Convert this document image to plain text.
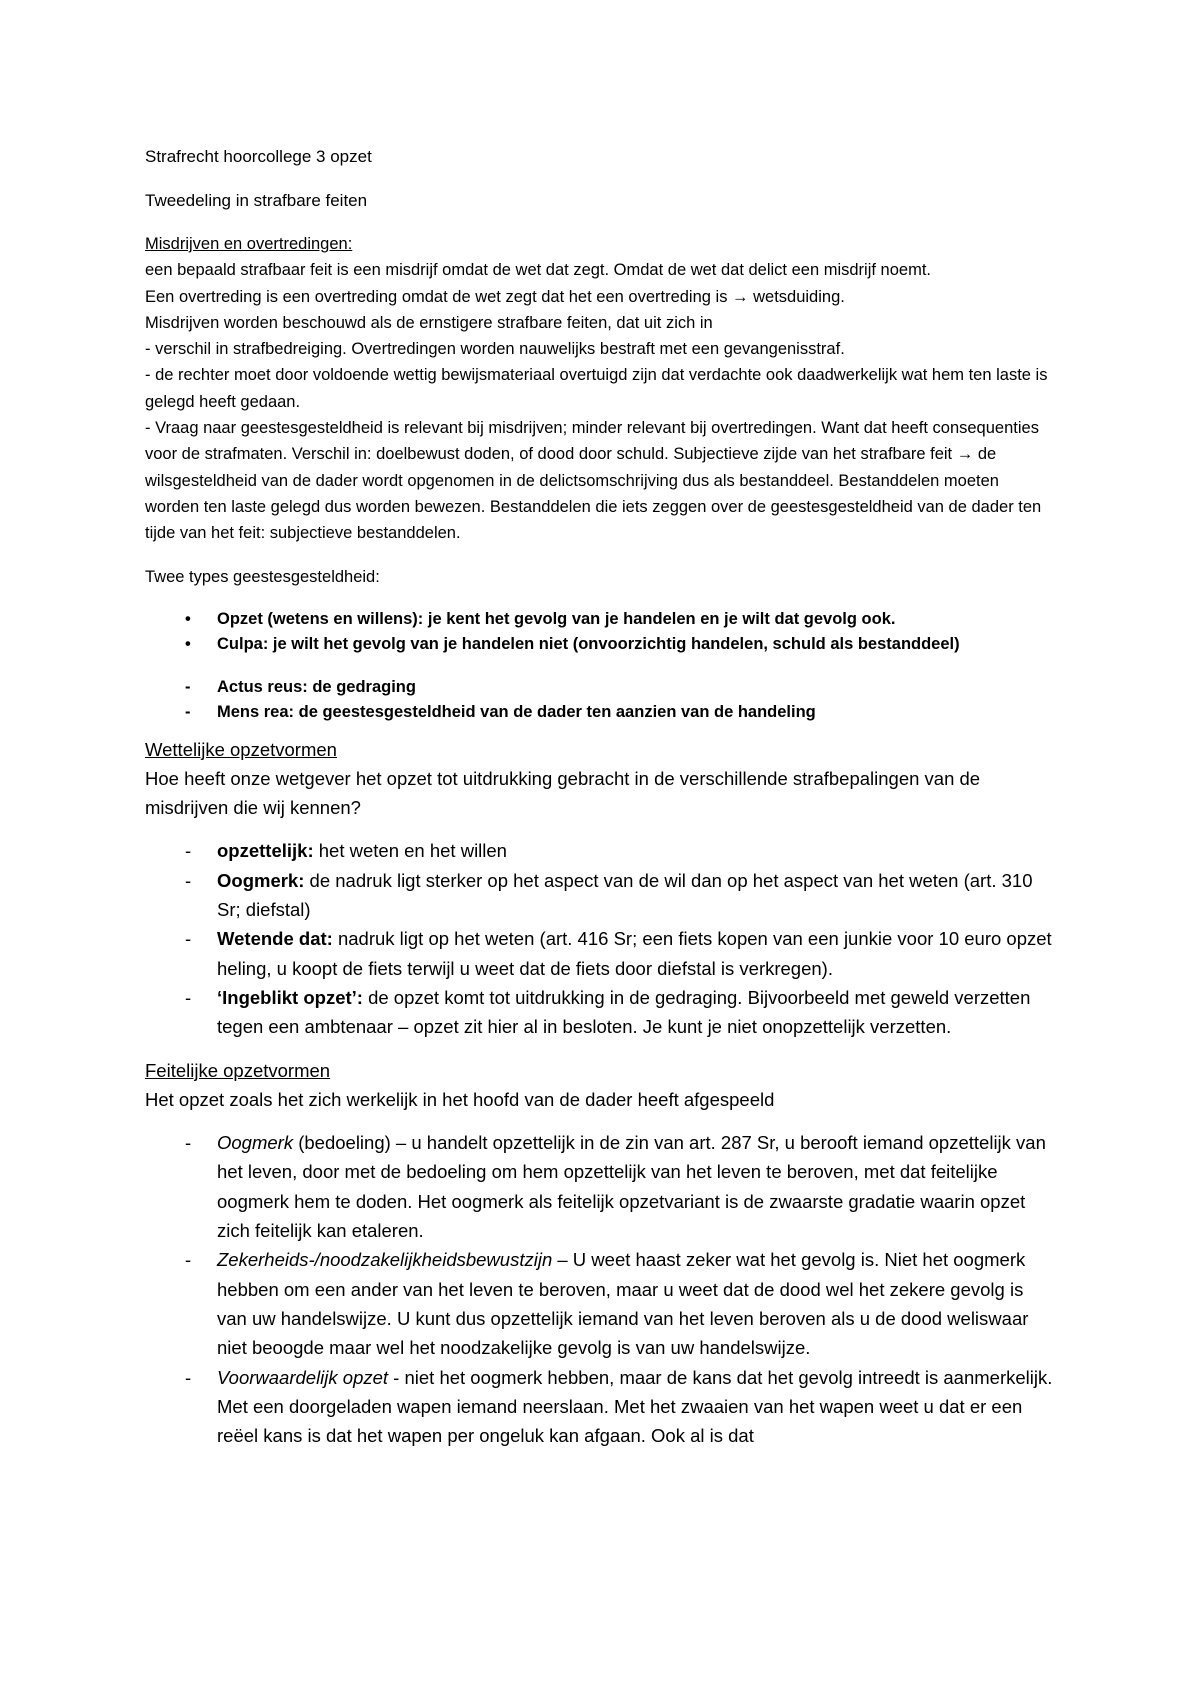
Strafrecht hoorcollege 3 opzet

Tweedeling in strafbare feiten

Misdrijven en overtredingen:

een bepaald strafbaar feit is een misdrijf omdat de wet dat zegt. Omdat de wet dat delict een misdrijf noemt.

Een overtreding is een overtreding omdat de wet zegt dat het een overtreding is → wetsduiding.

Misdrijven worden beschouwd als de ernstigere strafbare feiten, dat uit zich in

- verschil in strafbedreiging. Overtredingen worden nauwelijks bestraft met een gevangenisstraf.

- de rechter moet door voldoende wettig bewijsmateriaal overtuigd zijn dat verdachte ook daadwerkelijk wat hem ten laste is gelegd heeft gedaan.

- Vraag naar geestesgesteldheid is relevant bij misdrijven; minder relevant bij overtredingen. Want dat heeft consequenties voor de strafmaten. Verschil in: doelbewust doden, of dood door schuld. Subjectieve zijde van het strafbare feit → de wilsgesteldheid van de dader wordt opgenomen in de delictsomschrijving dus als bestanddeel. Bestanddelen moeten worden ten laste gelegd dus worden bewezen. Bestanddelen die iets zeggen over de geestesgesteldheid van de dader ten tijde van het feit: subjectieve bestanddelen.

Twee types geestesgesteldheid:

•	Opzet (wetens en willens): je kent het gevolg van je handelen en je wilt dat gevolg ook.
•	Culpa: je wilt het gevolg van je handelen niet (onvoorzichtig handelen, schuld als bestanddeel)
-	Actus reus: de gedraging
-	Mens rea: de geestesgesteldheid van de dader ten aanzien van de handeling

Wettelijke opzetvormen

Hoe heeft onze wetgever het opzet tot uitdrukking gebracht in de verschillende strafbepalingen van de misdrijven die wij kennen?

-	opzettelijk: het weten en het willen
-	Oogmerk: de nadruk ligt sterker op het aspect van de wil dan op het aspect van het weten (art. 310 Sr; diefstal)
-	Wetende dat: nadruk ligt op het weten (art. 416 Sr; een fiets kopen van een junkie voor 10 euro opzet heling, u koopt de fiets terwijl u weet dat de fiets door diefstal is verkregen).
-	‘Ingeblikt opzet’: de opzet komt tot uitdrukking in de gedraging. Bijvoorbeeld met geweld verzetten tegen een ambtenaar – opzet zit hier al in besloten. Je kunt je niet onopzettelijk verzetten.

Feitelijke opzetvormen

Het opzet zoals het zich werkelijk in het hoofd van de dader heeft afgespeeld

-	Oogmerk (bedoeling) – u handelt opzettelijk in de zin van art. 287 Sr, u berooft iemand opzettelijk van het leven, door met de bedoeling om hem opzettelijk van het leven te beroven, met dat feitelijke oogmerk hem te doden. Het oogmerk als feitelijk opzetvariant is de zwaarste gradatie waarin opzet zich feitelijk kan etaleren.
-	Zekerheids-/noodzakelijkheidsbewustzijn – U weet haast zeker wat het gevolg is. Niet het oogmerk hebben om een ander van het leven te beroven, maar u weet dat de dood wel het zekere gevolg is van uw handelswijze. U kunt dus opzettelijk iemand van het leven beroven als u de dood weliswaar niet beoogde maar wel het noodzakelijke gevolg is van uw handelswijze.
-	Voorwaardelijk opzet - niet het oogmerk hebben, maar de kans dat het gevolg intreedt is aanmerkelijk. Met een doorgeladen wapen iemand neerslaan. Met het zwaaien van het wapen weet u dat er een reëel kans is dat het wapen per ongeluk kan afgaan. Ook al is dat
